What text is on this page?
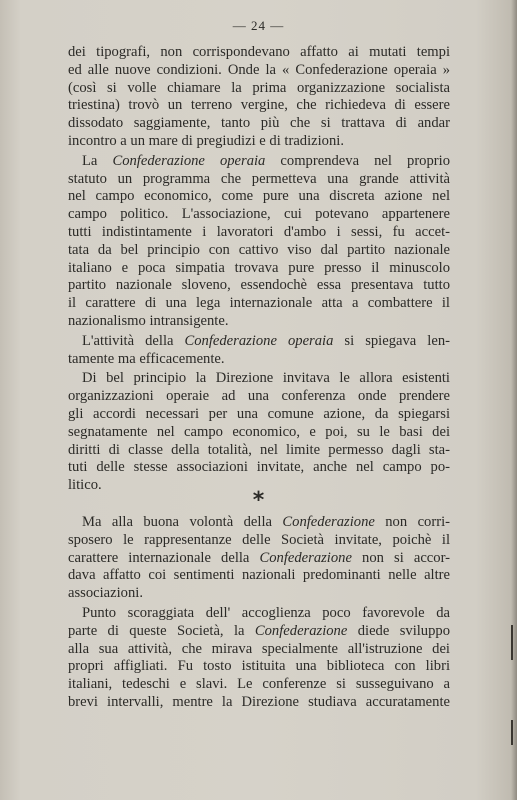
— 24 —

dei tipografi, non corrispondevano affatto ai mutati tempi
ed alle nuove condizioni. Onde la « Confederazione operaia »
(così si volle chiamare la prima organizzazione socialista
triestina) trovò un terreno vergine, che richiedeva di essere
dissodato saggiamente, tanto più che si trattava di andar
incontro a un mare di pregiudizi e di tradizioni.

La Confederazione operaia comprendeva nel proprio
statuto un programma che permetteva una grande attività
nel campo economico, come pure una discreta azione nel
campo politico. L'associazione, cui potevano appartenere
tutti indistintamente i lavoratori d'ambo i sessi, fu accet-
tata da bel principio con cattivo viso dal partito nazionale
italiano e poca simpatia trovava pure presso il minuscolo
partito nazionale sloveno, essendochè essa presentava tutto
il carattere di una lega internazionale atta a combattere il
nazionalismo intransigente.

L'attività della Confederazione operaia si spiegava len-
tamente ma efficacemente.

Di bel principio la Direzione invitava le allora esistenti
organizzazioni operaie ad una conferenza onde prendere
gli accordi necessari per una comune azione, da spiegarsi
segnatamente nel campo economico, e poi, su le basi dei
diritti di classe della totalità, nel limite permesso dagli sta-
tuti delle stesse associazioni invitate, anche nel campo po-
litico.

*

Ma alla buona volontà della Confederazione non corri-
sposero le rappresentanze delle Società invitate, poichè il
carattere internazionale della Confederazione non si accor-
dava affatto coi sentimenti nazionali predominanti nelle altre
associazioni.

Punto scoraggiata dell' accoglienza poco favorevole da
parte di queste Società, la Confederazione diede sviluppo
alla sua attività, che mirava specialmente all'istruzione dei
propri affigliati. Fu tosto istituita una biblioteca con libri
italiani, tedeschi e slavi. Le conferenze si susseguivano a
brevi intervalli, mentre la Direzione studiava accuratamente
